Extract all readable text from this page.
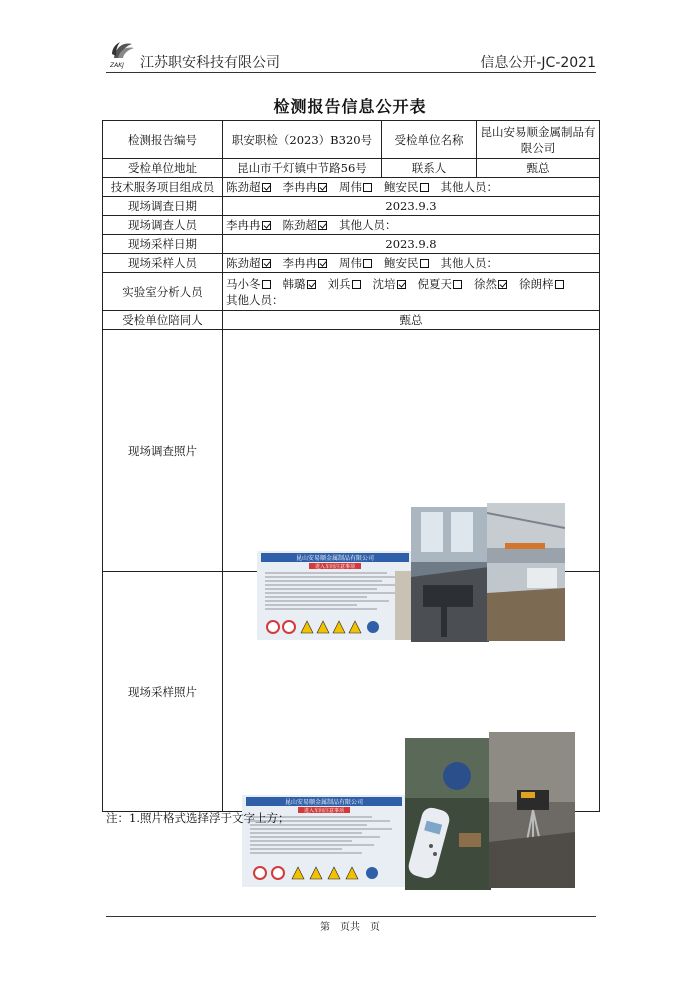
ZAKJ 江苏职安科技有限公司	信息公开-JC-2021
检测报告信息公开表
检测报告编号	职安职检（2023）B320号	受检单位名称	昆山安易顺金属制品有限公司
受检单位地址	昆山市千灯镇中节路56号	联系人	甄总
技术服务项目组成员	陈劲超 李冉冉 周伟 鲍安民 其他人员：		
现场调查日期	2023.9.3		
现场调查人员	李冉冉 陈劲超 其他人员：		
现场采样日期	2023.9.8		
现场采样人员	陈劲超 李冉冉 周伟 鲍安民 其他人员：		
实验室分析人员	马小冬 韩璐 刘兵 沈培 倪夏天 徐然 徐朗梓
其他人员：		
受检单位陪同人	甄总		
现场调查照片	昆山安易顺金属制品有限公司
进入车间注意事项		

现场采样照片	昆山安易顺金属制品有限公司
进入车间注意事项		
注：1.照片格式选择浮于文字上方；
第　页共　页
